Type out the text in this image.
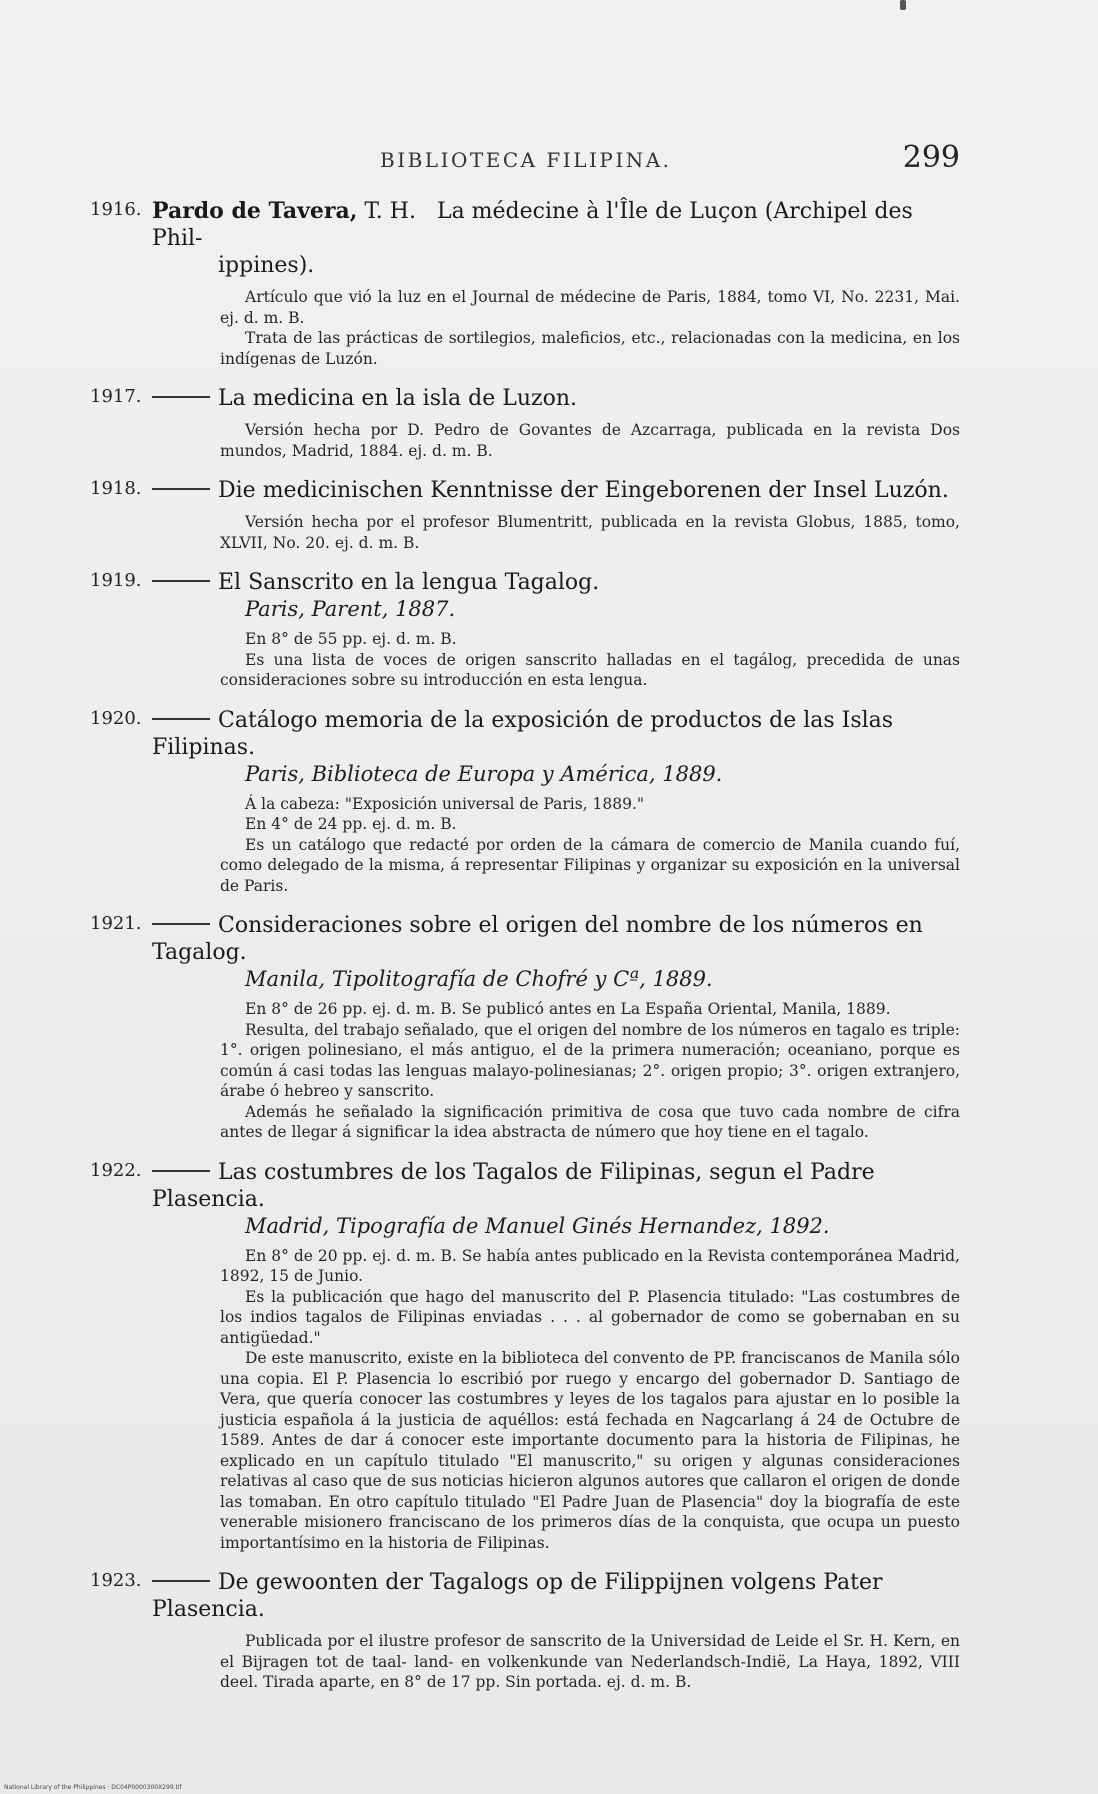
BIBLIOTECA FILIPINA.	299
1916. Pardo de Tavera, T. H. La médecine à l'Île de Luçon (Archipel des Phil-
ippines).

Artículo que vió la luz en el Journal de médecine de Paris, 1884, tomo VI, No. 2231, Mai. ej. d. m. B.

Trata de las prácticas de sortilegios, maleficios, etc., relacionadas con la medicina, en los indígenas de Luzón.

1917.	La medicina en la isla de Luzon.

Versión hecha por D. Pedro de Govantes de Azcarraga, publicada en la revista Dos mundos, Madrid, 1884. ej. d. m. B.

1918.	Die medicinischen Kenntnisse der Eingeborenen der Insel Luzón.

Versión hecha por el profesor Blumentritt, publicada en la revista Globus, 1885, tomo, XLVII, No. 20. ej. d. m. B.

1919.	El Sanscrito en la lengua Tagalog.
Paris, Parent, 1887.

En 8° de 55 pp. ej. d. m. B.

Es una lista de voces de origen sanscrito halladas en el tagálog, precedida de unas consideraciones sobre su introducción en esta lengua.

1920.	Catálogo memoria de la exposición de productos de las Islas Filipinas.
Paris, Biblioteca de Europa y América, 1889.

Á la cabeza: "Exposición universal de Paris, 1889."

En 4° de 24 pp. ej. d. m. B.

Es un catálogo que redacté por orden de la cámara de comercio de Manila cuando fuí, como delegado de la misma, á representar Filipinas y organizar su exposición en la universal de Paris.

1921.	Consideraciones sobre el origen del nombre de los números en Tagalog.
Manila, Tipolitografía de Chofré y Cª, 1889.

En 8° de 26 pp. ej. d. m. B. Se publicó antes en La España Oriental, Manila, 1889.

Resulta, del trabajo señalado, que el origen del nombre de los números en tagalo es triple: 1°. origen polinesiano, el más antiguo, el de la primera numeración; oceaniano, porque es común á casi todas las lenguas malayo-polinesianas; 2°. origen propio; 3°. origen extranjero, árabe ó hebreo y sanscrito.

Además he señalado la significación primitiva de cosa que tuvo cada nombre de cifra antes de llegar á significar la idea abstracta de número que hoy tiene en el tagalo.

1922.	Las costumbres de los Tagalos de Filipinas, segun el Padre Plasencia.
Madrid, Tipografía de Manuel Ginés Hernandez, 1892.

En 8° de 20 pp. ej. d. m. B. Se había antes publicado en la Revista contemporánea Madrid, 1892, 15 de Junio.

Es la publicación que hago del manuscrito del P. Plasencia titulado: "Las costumbres de los indios tagalos de Filipinas enviadas . . . al gobernador de como se gobernaban en su antigüedad."

De este manuscrito, existe en la biblioteca del convento de PP. franciscanos de Manila sólo una copia. El P. Plasencia lo escribió por ruego y encargo del gobernador D. Santiago de Vera, que quería conocer las costumbres y leyes de los tagalos para ajustar en lo posible la justicia española á la justicia de aquéllos: está fechada en Nagcarlang á 24 de Octubre de 1589. Antes de dar á conocer este importante documento para la historia de Filipinas, he explicado en un capítulo titulado "El manuscrito," su origen y algunas consideraciones relativas al caso que de sus noticias hicieron algunos autores que callaron el origen de donde las tomaban. En otro capítulo titulado "El Padre Juan de Plasencia" doy la biografía de este venerable misionero franciscano de los primeros días de la conquista, que ocupa un puesto importantísimo en la historia de Filipinas.

1923.	De gewoonten der Tagalogs op de Filippijnen volgens Pater Plasencia.

Publicada por el ilustre profesor de sanscrito de la Universidad de Leide el Sr. H. Kern, en el Bijragen tot de taal- land- en volkenkunde van Nederlandsch-Indië, La Haya, 1892, VIII deel. Tirada aparte, en 8° de 17 pp. Sin portada. ej. d. m. B.

National Library of the Philippines · DC04P0000300X299.tif
